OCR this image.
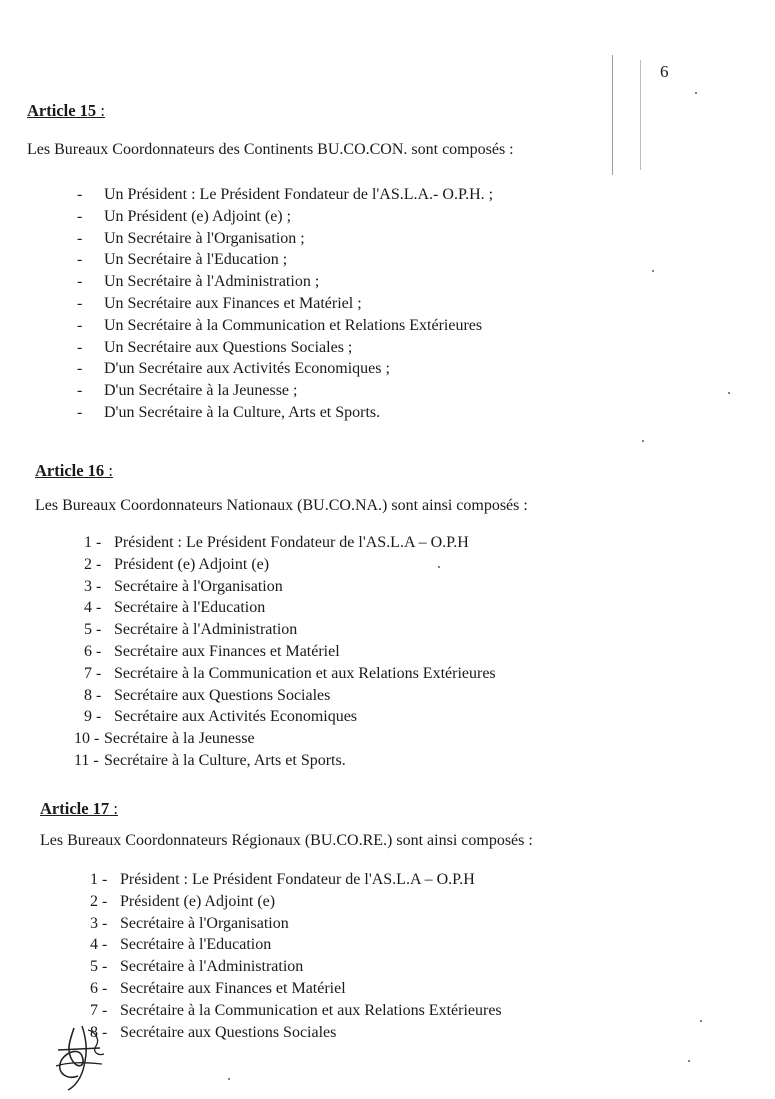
6
Article 15 :
Les Bureaux Coordonnateurs des Continents BU.CO.CON. sont composés :
- Un Président : Le Président Fondateur de l'AS.L.A.- O.P.H. ;
- Un Président (e) Adjoint (e) ;
- Un Secrétaire à l'Organisation ;
- Un Secrétaire à l'Education ;
- Un Secrétaire à l'Administration ;
- Un Secrétaire aux Finances et Matériel ;
- Un Secrétaire à la Communication et Relations Extérieures
- Un Secrétaire aux Questions Sociales ;
- D'un Secrétaire aux Activités Economiques ;
- D'un Secrétaire à la Jeunesse ;
- D'un Secrétaire à la Culture, Arts et Sports.
Article 16 :
Les Bureaux Coordonnateurs Nationaux (BU.CO.NA.) sont ainsi composés :
1 - Président : Le Président Fondateur de l'AS.L.A – O.P.H
2 - Président (e) Adjoint (e)
3 - Secrétaire à l'Organisation
4 - Secrétaire à l'Education
5 - Secrétaire à l'Administration
6 - Secrétaire aux Finances et Matériel
7 - Secrétaire à la Communication et aux Relations Extérieures
8 - Secrétaire aux Questions Sociales
9 - Secrétaire aux Activités Economiques
10 - Secrétaire à la Jeunesse
11 - Secrétaire à la Culture, Arts et Sports.
Article 17 :
Les Bureaux Coordonnateurs Régionaux (BU.CO.RE.) sont ainsi composés :
1 - Président : Le Président Fondateur de l'AS.L.A – O.P.H
2 - Président (e) Adjoint (e)
3 - Secrétaire à l'Organisation
4 - Secrétaire à l'Education
5 - Secrétaire à l'Administration
6 - Secrétaire aux Finances et Matériel
7 - Secrétaire à la Communication et aux Relations Extérieures
8 - Secrétaire aux Questions Sociales
